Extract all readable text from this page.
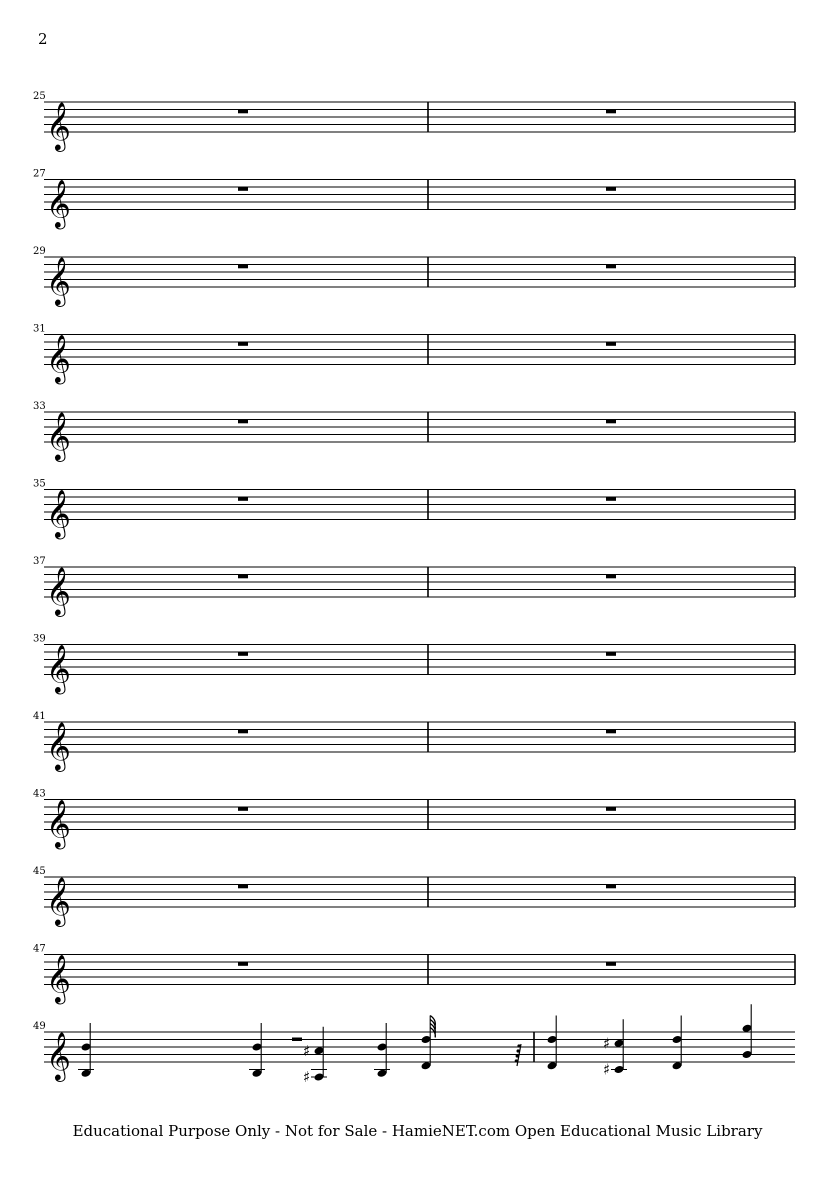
2
𝄞
25
𝄞
27
𝄞
29
𝄞
31
𝄞
33
𝄞
35
𝄞
37
𝄞
39
𝄞
41
𝄞
43
𝄞
45
𝄞
47
𝄞
49
♯
♯
♯
♯
Educational Purpose Only - Not for Sale - HamieNET.com Open Educational Music Library
